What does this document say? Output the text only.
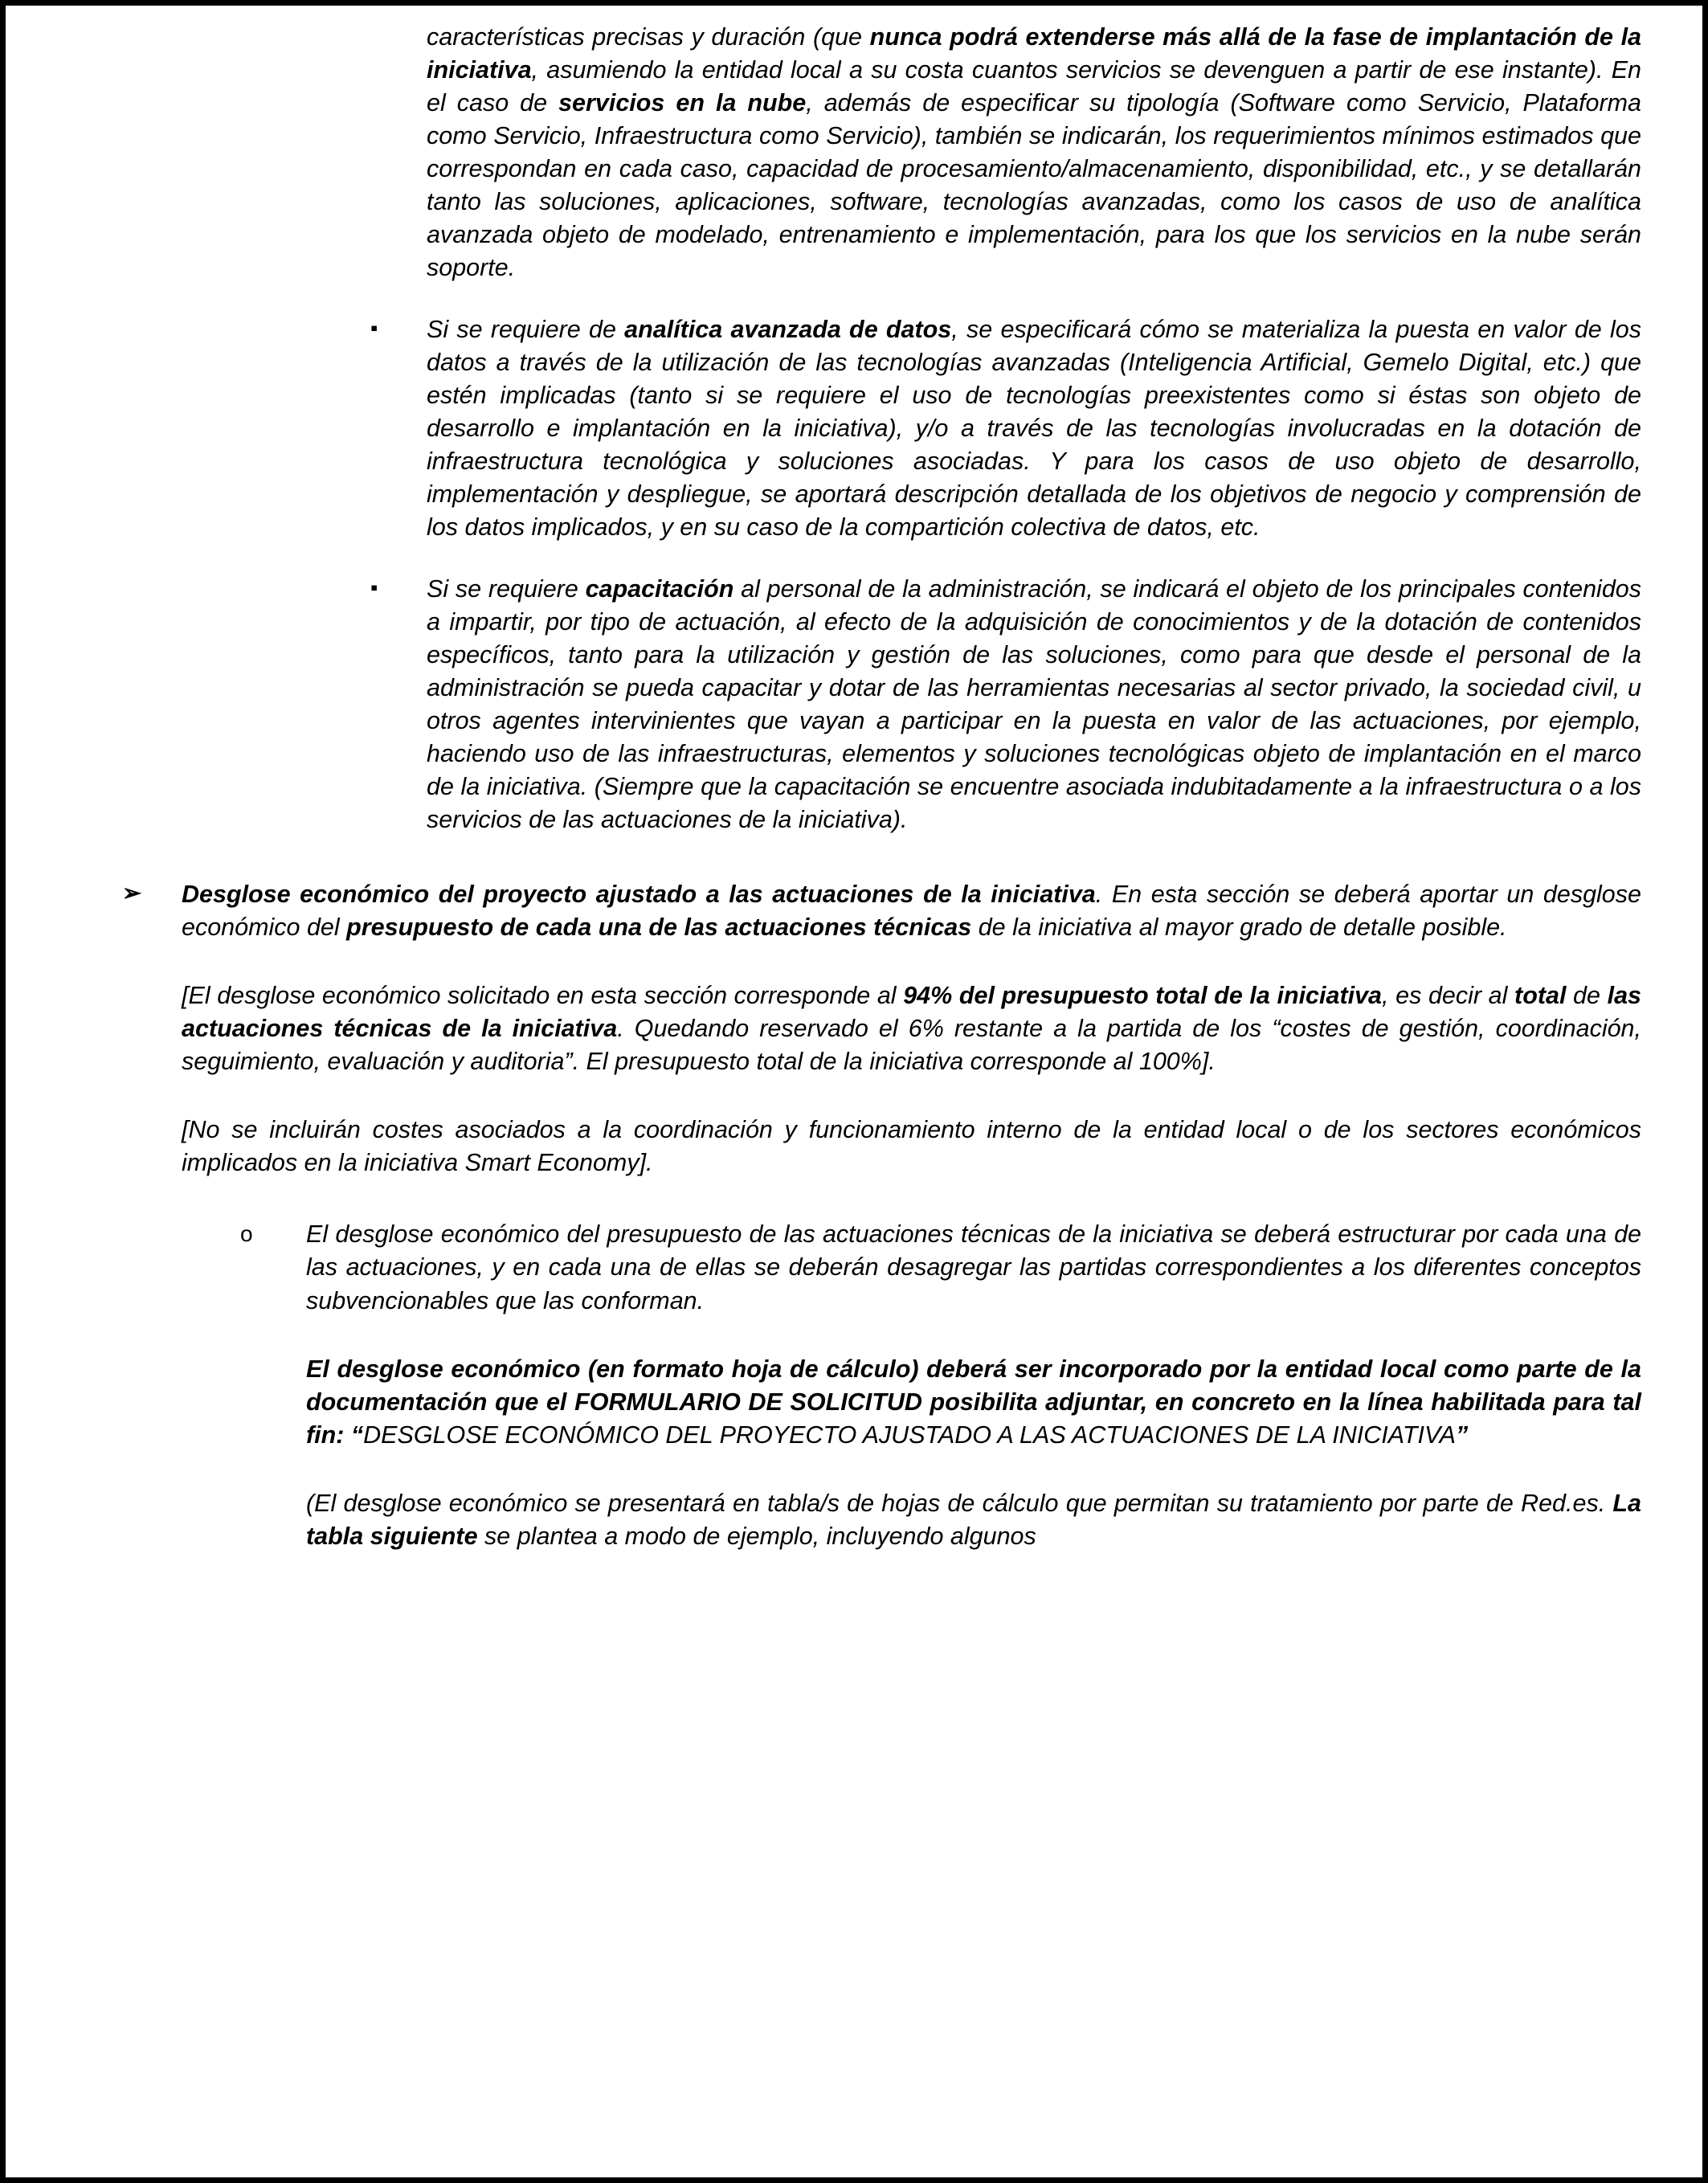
características precisas y duración (que nunca podrá extenderse más allá de la fase de implantación de la iniciativa, asumiendo la entidad local a su costa cuantos servicios se devenguen a partir de ese instante). En el caso de servicios en la nube, además de especificar su tipología (Software como Servicio, Plataforma como Servicio, Infraestructura como Servicio), también se indicarán, los requerimientos mínimos estimados que correspondan en cada caso, capacidad de procesamiento/almacenamiento, disponibilidad, etc., y se detallarán tanto las soluciones, aplicaciones, software, tecnologías avanzadas, como los casos de uso de analítica avanzada objeto de modelado, entrenamiento e implementación, para los que los servicios en la nube serán soporte.

▪ Si se requiere de analítica avanzada de datos, se especificará cómo se materializa la puesta en valor de los datos a través de la utilización de las tecnologías avanzadas (Inteligencia Artificial, Gemelo Digital, etc.) que estén implicadas (tanto si se requiere el uso de tecnologías preexistentes como si éstas son objeto de desarrollo e implantación en la iniciativa), y/o a través de las tecnologías involucradas en la dotación de infraestructura tecnológica y soluciones asociadas. Y para los casos de uso objeto de desarrollo, implementación y despliegue, se aportará descripción detallada de los objetivos de negocio y comprensión de los datos implicados, y en su caso de la compartición colectiva de datos, etc.

▪ Si se requiere capacitación al personal de la administración, se indicará el objeto de los principales contenidos a impartir, por tipo de actuación, al efecto de la adquisición de conocimientos y de la dotación de contenidos específicos, tanto para la utilización y gestión de las soluciones, como para que desde el personal de la administración se pueda capacitar y dotar de las herramientas necesarias al sector privado, la sociedad civil, u otros agentes intervinientes que vayan a participar en la puesta en valor de las actuaciones, por ejemplo, haciendo uso de las infraestructuras, elementos y soluciones tecnológicas objeto de implantación en el marco de la iniciativa. (Siempre que la capacitación se encuentre asociada indubitadamente a la infraestructura o a los servicios de las actuaciones de la iniciativa).

➢ Desglose económico del proyecto ajustado a las actuaciones de la iniciativa. En esta sección se deberá aportar un desglose económico del presupuesto de cada una de las actuaciones técnicas de la iniciativa al mayor grado de detalle posible.

[El desglose económico solicitado en esta sección corresponde al 94% del presupuesto total de la iniciativa, es decir al total de las actuaciones técnicas de la iniciativa. Quedando reservado el 6% restante a la partida de los “costes de gestión, coordinación, seguimiento, evaluación y auditoria”. El presupuesto total de la iniciativa corresponde al 100%].

[No se incluirán costes asociados a la coordinación y funcionamiento interno de la entidad local o de los sectores económicos implicados en la iniciativa Smart Economy].

o El desglose económico del presupuesto de las actuaciones técnicas de la iniciativa se deberá estructurar por cada una de las actuaciones, y en cada una de ellas se deberán desagregar las partidas correspondientes a los diferentes conceptos subvencionables que las conforman.

El desglose económico (en formato hoja de cálculo) deberá ser incorporado por la entidad local como parte de la documentación que el FORMULARIO DE SOLICITUD posibilita adjuntar, en concreto en la línea habilitada para tal fin: “DESGLOSE ECONÓMICO DEL PROYECTO AJUSTADO A LAS ACTUACIONES DE LA INICIATIVA”

(El desglose económico se presentará en tabla/s de hojas de cálculo que permitan su tratamiento por parte de Red.es. La tabla siguiente se plantea a modo de ejemplo, incluyendo algunos
